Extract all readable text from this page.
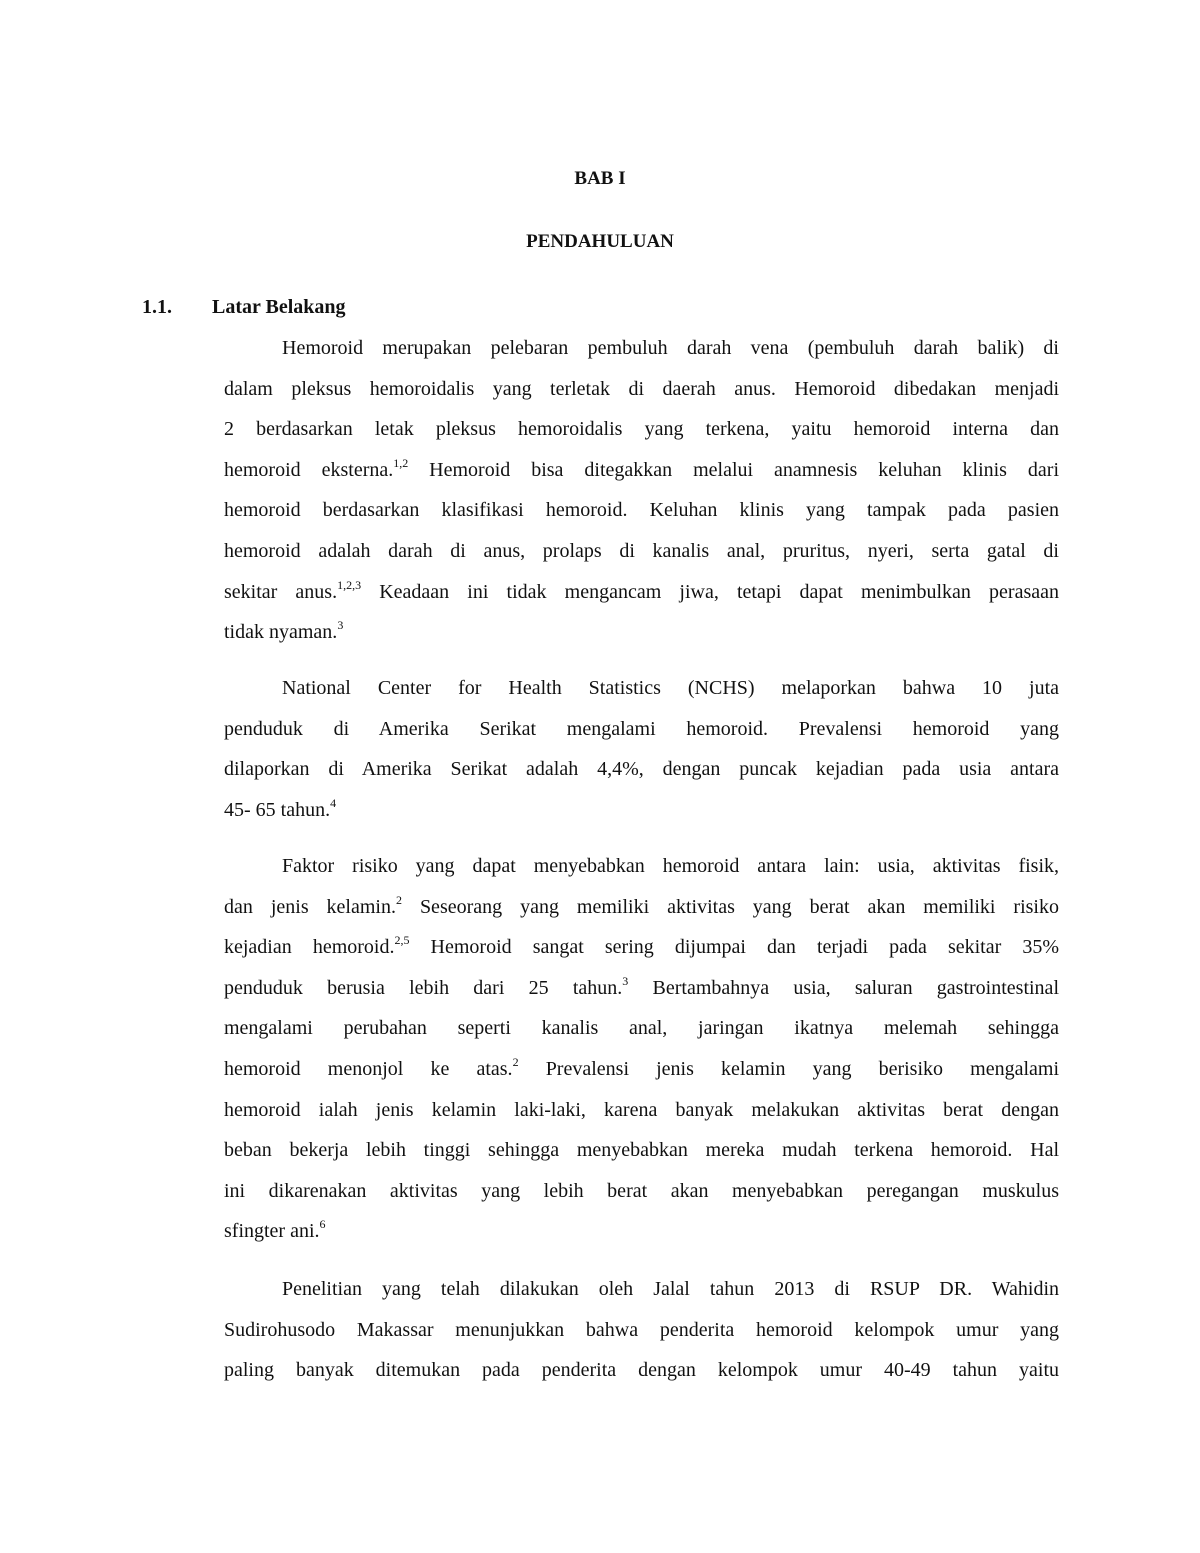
BAB I
PENDAHULUAN
1.1. Latar Belakang
Hemoroid merupakan pelebaran pembuluh darah vena (pembuluh darah balik) di
dalam pleksus hemoroidalis yang terletak di daerah anus. Hemoroid dibedakan menjadi
2 berdasarkan letak pleksus hemoroidalis yang terkena, yaitu hemoroid interna dan
hemoroid eksterna.$^{1,2}$ Hemoroid bisa ditegakkan melalui anamnesis keluhan klinis dari
hemoroid berdasarkan klasifikasi hemoroid. Keluhan klinis yang tampak pada pasien
hemoroid adalah darah di anus, prolaps di kanalis anal, pruritus, nyeri, serta gatal di
sekitar anus.$^{1,2,3}$ Keadaan ini tidak mengancam jiwa, tetapi dapat menimbulkan perasaan
tidak nyaman.$^3$
National Center for Health Statistics (NCHS) melaporkan bahwa 10 juta
penduduk di Amerika Serikat mengalami hemoroid. Prevalensi hemoroid yang
dilaporkan di Amerika Serikat adalah 4,4%, dengan puncak kejadian pada usia antara
45- 65 tahun.$^4$
Faktor risiko yang dapat menyebabkan hemoroid antara lain: usia, aktivitas fisik,
dan jenis kelamin.$^2$ Seseorang yang memiliki aktivitas yang berat akan memiliki risiko
kejadian hemoroid.$^{2,5}$ Hemoroid sangat sering dijumpai dan terjadi pada sekitar 35%
penduduk berusia lebih dari 25 tahun.$^3$ Bertambahnya usia, saluran gastrointestinal
mengalami perubahan seperti kanalis anal, jaringan ikatnya melemah sehingga
hemoroid menonjol ke atas.$^2$ Prevalensi jenis kelamin yang berisiko mengalami
hemoroid ialah jenis kelamin laki-laki, karena banyak melakukan aktivitas berat dengan
beban bekerja lebih tinggi sehingga menyebabkan mereka mudah terkena hemoroid. Hal
ini dikarenakan aktivitas yang lebih berat akan menyebabkan peregangan muskulus
sfingter ani.$^6$
Penelitian yang telah dilakukan oleh Jalal tahun 2013 di RSUP DR. Wahidin
Sudirohusodo Makassar menunjukkan bahwa penderita hemoroid kelompok umur yang
paling banyak ditemukan pada penderita dengan kelompok umur 40-49 tahun yaitu
